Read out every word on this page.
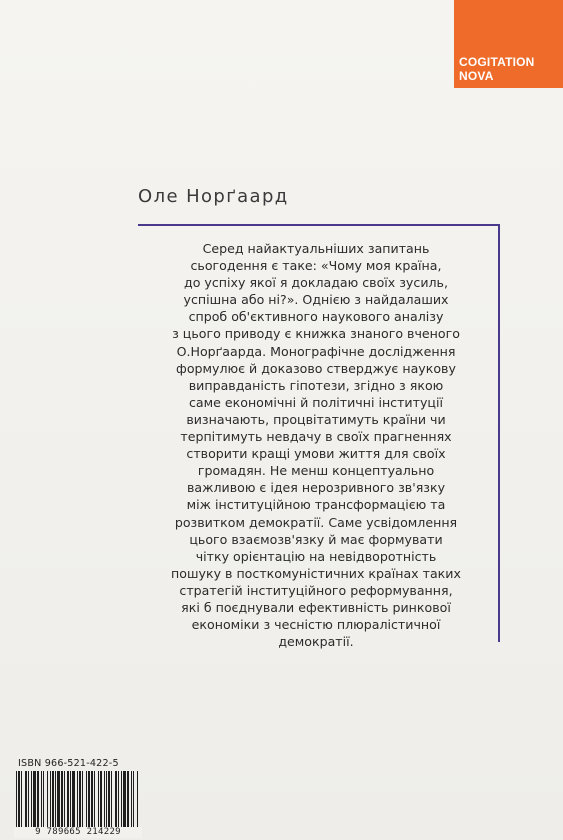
COGITATION
NOVA
Оле Норґаард

Серед найактуальніших запитань
сьогодення є таке: «Чому моя країна,
до успіху якої я докладаю своїх зусиль,
успішна або ні?». Однією з найдалаших
спроб об'єктивного наукового аналізу
з цього приводу є книжка знаного вченого
О.Норґаарда. Монографічне дослідження
формулює й доказово стверджує наукову
виправданість гіпотези, згідно з якою
саме економічні й політичні інституції
визначають, процвітатимуть країни чи
терпітимуть невдачу в своїх прагненнях
створити кращі умови життя для своїх
громадян. Не менш концептуально
важливою є ідея нерозривного зв'язку
між інституційною трансформацією та
розвитком демократії. Саме усвідомлення
цього взаємозв'язку й має формувати
чітку орієнтацію на невідворотність
пошуку в посткомуністичних країнах таких
стратегій інституційного реформування,
які б поєднували ефективність ринкової
економіки з чесністю плюралістичної
демократії.

ISBN 966-521-422-5
9 789665 214229
